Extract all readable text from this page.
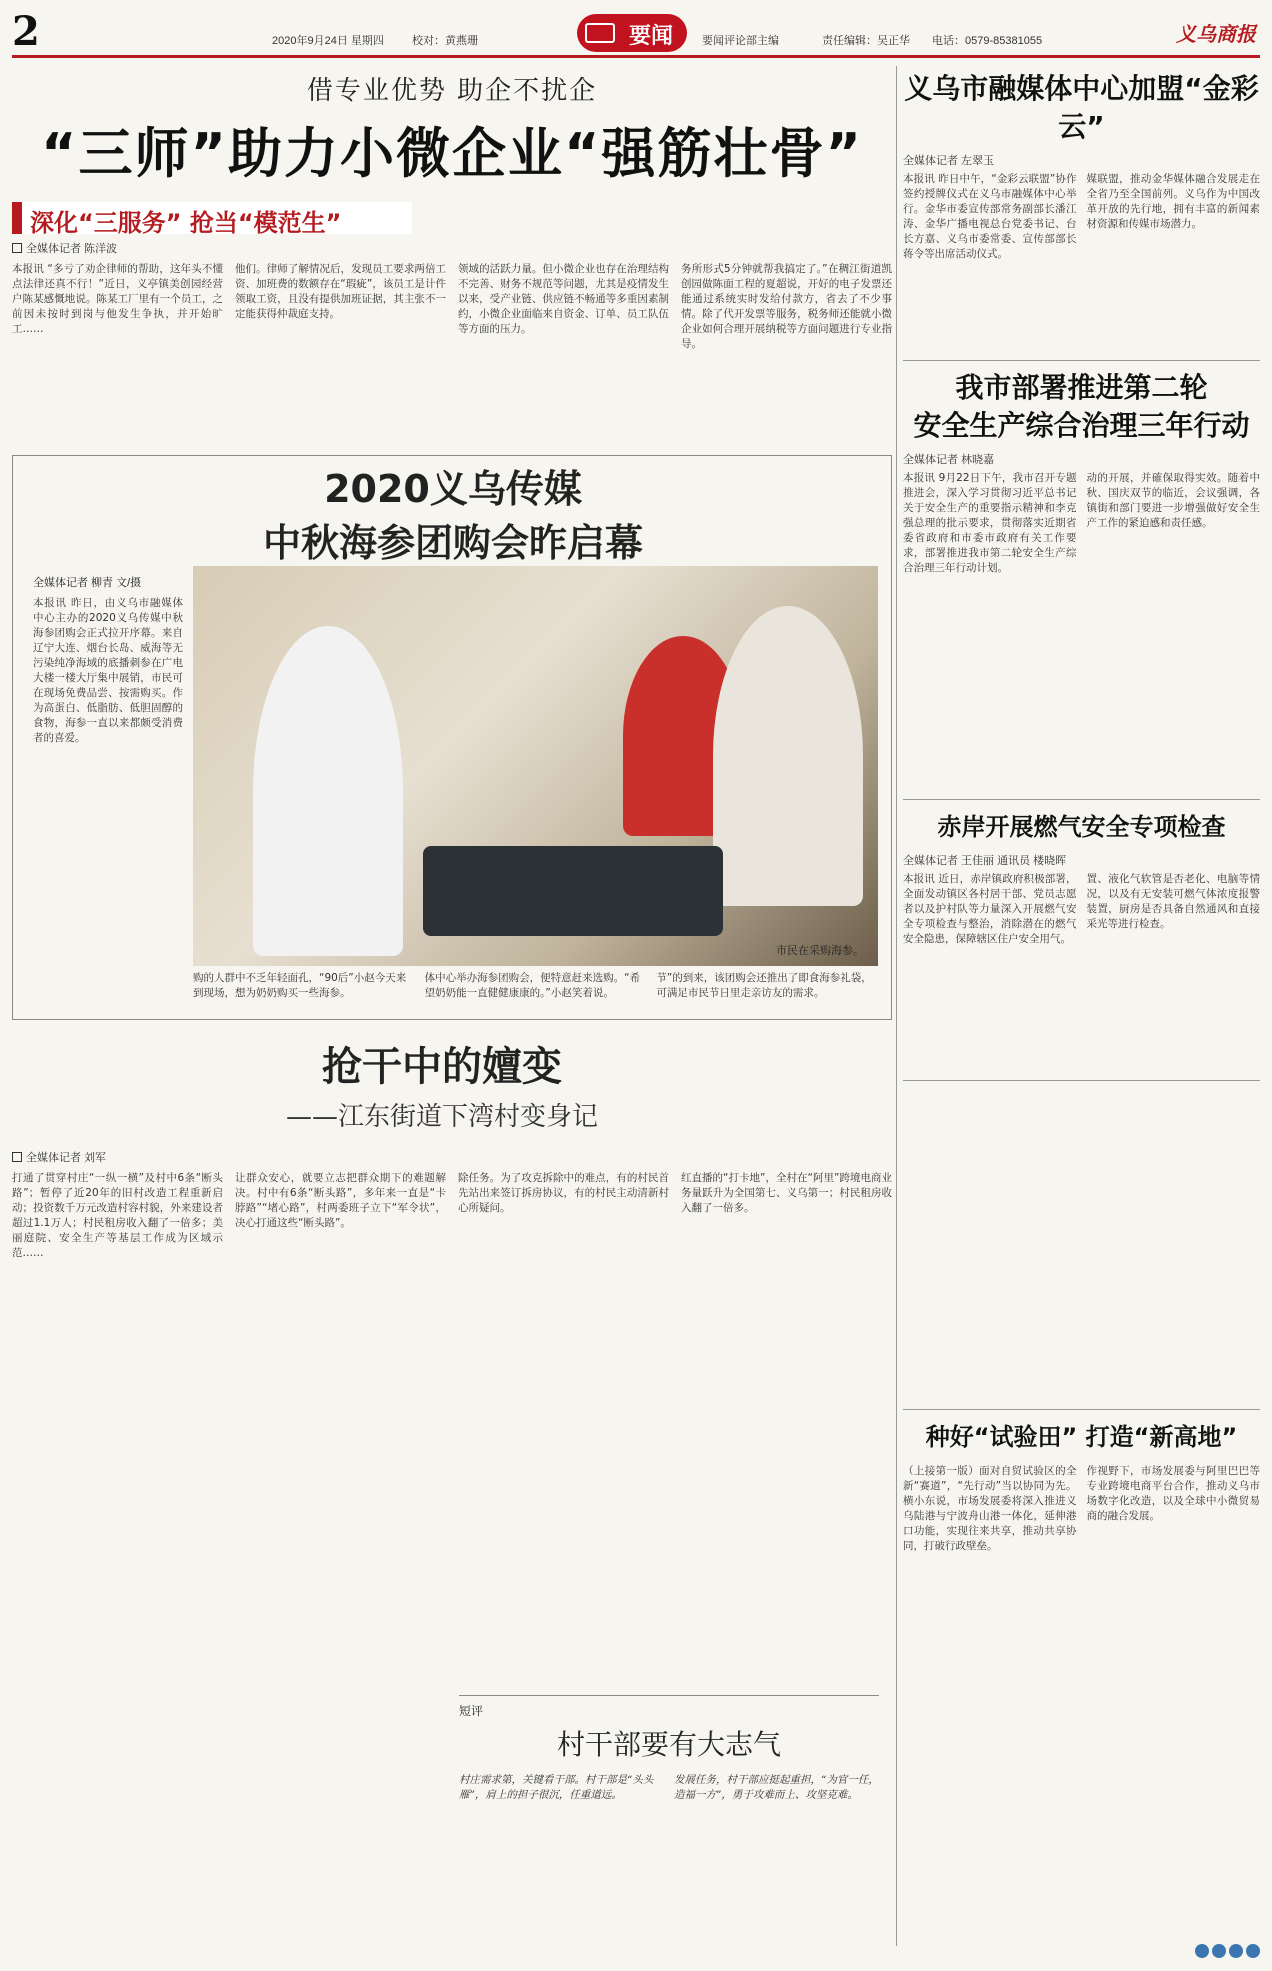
2	2020年9月24日 星期四	校对：黄燕珊	要闻	要闻评论部主编	责任编辑：吴正华 电话：0579-85381055	义乌商报
借专业优势 助企不扰企
“三师”助力小微企业“强筋壮骨”
深化“三服务” 抢当“模范生”
全媒体记者 陈洋波
本报讯 “多亏了劝企律师的帮助，这年头不懂点法律还真不行！”近日，义亭镇美创园经营户陈某感慨地说。陈某工厂里有一个员工，之前因未按时到岗与他发生争执，并开始旷工……
他们。律师了解情况后，发现员工要求两倍工资、加班费的数额存在“瑕疵”，该员工是计件领取工资，且没有提供加班证据，其主张不一定能获得仲裁庭支持。
领域的活跃力量。但小微企业也存在治理结构不完善、财务不规范等问题，尤其是疫情发生以来，受产业链、供应链不畅通等多重因素制约，小微企业面临来自资金、订单、员工队伍等方面的压力。
务所形式5分钟就帮我搞定了。”在稠江街道凯创园做陈面工程的夏超说，开好的电子发票还能通过系统实时发给付款方，省去了不少事情。除了代开发票等服务，税务师还能就小微企业如何合理开展纳税等方面问题进行专业指导。
2020义乌传媒
中秋海参团购会昨启幕
全媒体记者 柳青 文/摄
本报讯 昨日，由义乌市融媒体中心主办的2020义乌传媒中秋海参团购会正式拉开序幕。来自辽宁大连、烟台长岛、威海等无污染纯净海域的底播刺参在广电大楼一楼大厅集中展销，市民可在现场免费品尝、按需购买。作为高蛋白、低脂肪、低胆固醇的食物，海参一直以来都颇受消费者的喜爱。
市民在采购海参。
购的人群中不乏年轻面孔，“90后”小赵今天来到现场，想为奶奶购买一些海参。
体中心举办海参团购会，便特意赶来选购。“希望奶奶能一直健健康康的。”小赵笑着说。
节”的到来，该团购会还推出了即食海参礼袋，可满足市民节日里走亲访友的需求。
抢干中的嬗变
——江东街道下湾村变身记
全媒体记者 刘军
打通了贯穿村庄“一纵一横”及村中6条“断头路”；暂停了近20年的旧村改造工程重新启动；投资数千万元改造村容村貌，外来建设者超过1.1万人；村民租房收入翻了一倍多；美丽庭院、安全生产等基层工作成为区域示范……
让群众安心，就要立志把群众期下的难题解决。村中有6条“断头路”，多年来一直是“卡脖路”“堵心路”，村两委班子立下“军令状”，决心打通这些“断头路”。
除任务。为了攻克拆除中的难点，有的村民首先站出来签订拆房协议，有的村民主动清新村心所疑问。
红直播的“打卡地”，全村在“阿里”跨境电商业务量跃升为全国第七、义乌第一；村民租房收入翻了一倍多。
短评
村干部要有大志气
村庄需求第，关键看干部。村干部是“头头雁”，肩上的担子很沉，任重道远。
发展任务，村干部应挺起重担，“为官一任，造福一方”，勇于攻难而上、攻坚克难。
义乌市融媒体中心加盟“金彩云”
全媒体记者 左翠玉
本报讯 昨日中午，“金彩云联盟”协作签约授牌仪式在义乌市融媒体中心举行。金华市委宣传部常务副部长潘江涛、金华广播电视总台党委书记、台长方嘉、义乌市委常委、宣传部部长蒋令等出席活动仪式。
媒联盟，推动金华媒体融合发展走在全省乃至全国前列。义乌作为中国改革开放的先行地，拥有丰富的新闻素材资源和传媒市场潜力。
我市部署推进第二轮
安全生产综合治理三年行动
全媒体记者 林晓嘉
本报讯 9月22日下午，我市召开专题推进会，深入学习贯彻习近平总书记关于安全生产的重要指示精神和李克强总理的批示要求，贯彻落实近期省委省政府和市委市政府有关工作要求，部署推进我市第二轮安全生产综合治理三年行动计划。
动的开展，并確保取得实效。随着中秋、国庆双节的临近，会议强调，各镇街和部门要进一步增强做好安全生产工作的紧迫感和责任感。
赤岸开展燃气安全专项检查
全媒体记者 王佳丽 通讯员 楼晓晖
本报讯 近日，赤岸镇政府积极部署，全面发动镇区各村居干部、党员志愿者以及护村队等力量深入开展燃气安全专项检查与整治，消除潜在的燃气安全隐患，保障辖区住户安全用气。
置、液化气软管是否老化、电脑等情况，以及有无安装可燃气体浓度报警装置，厨房是否具备自然通风和直接采光等进行检查。
种好“试验田” 打造“新高地”
（上接第一版）面对自贸试验区的全新“赛道”，“先行动”当以协同为先。横小东说，市场发展委将深入推进义乌陆港与宁波舟山港一体化，延伸港口功能，实现往来共享，推动共享协同，打破行政壁垒。
作视野下，市场发展委与阿里巴巴等专业跨境电商平台合作，推动义乌市场数字化改造，以及全球中小微贸易商的融合发展。
